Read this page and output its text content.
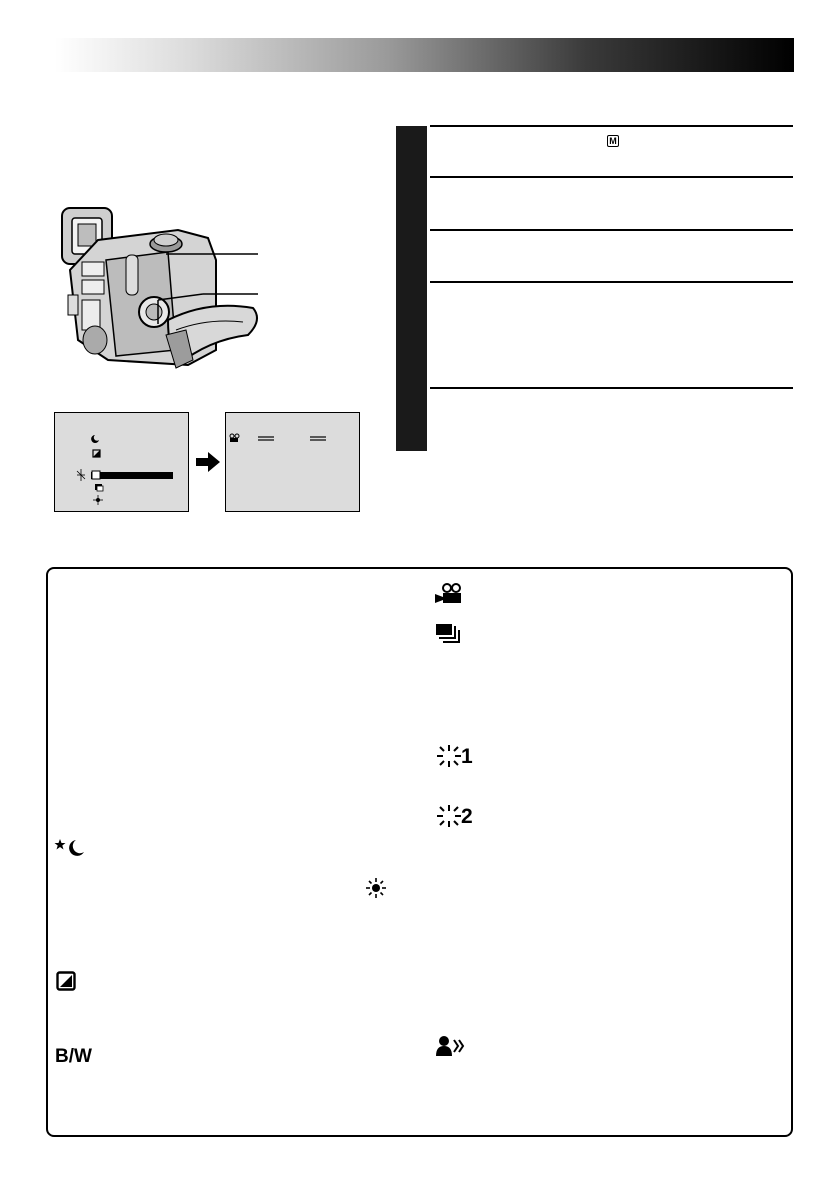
M
B/W
1
2
